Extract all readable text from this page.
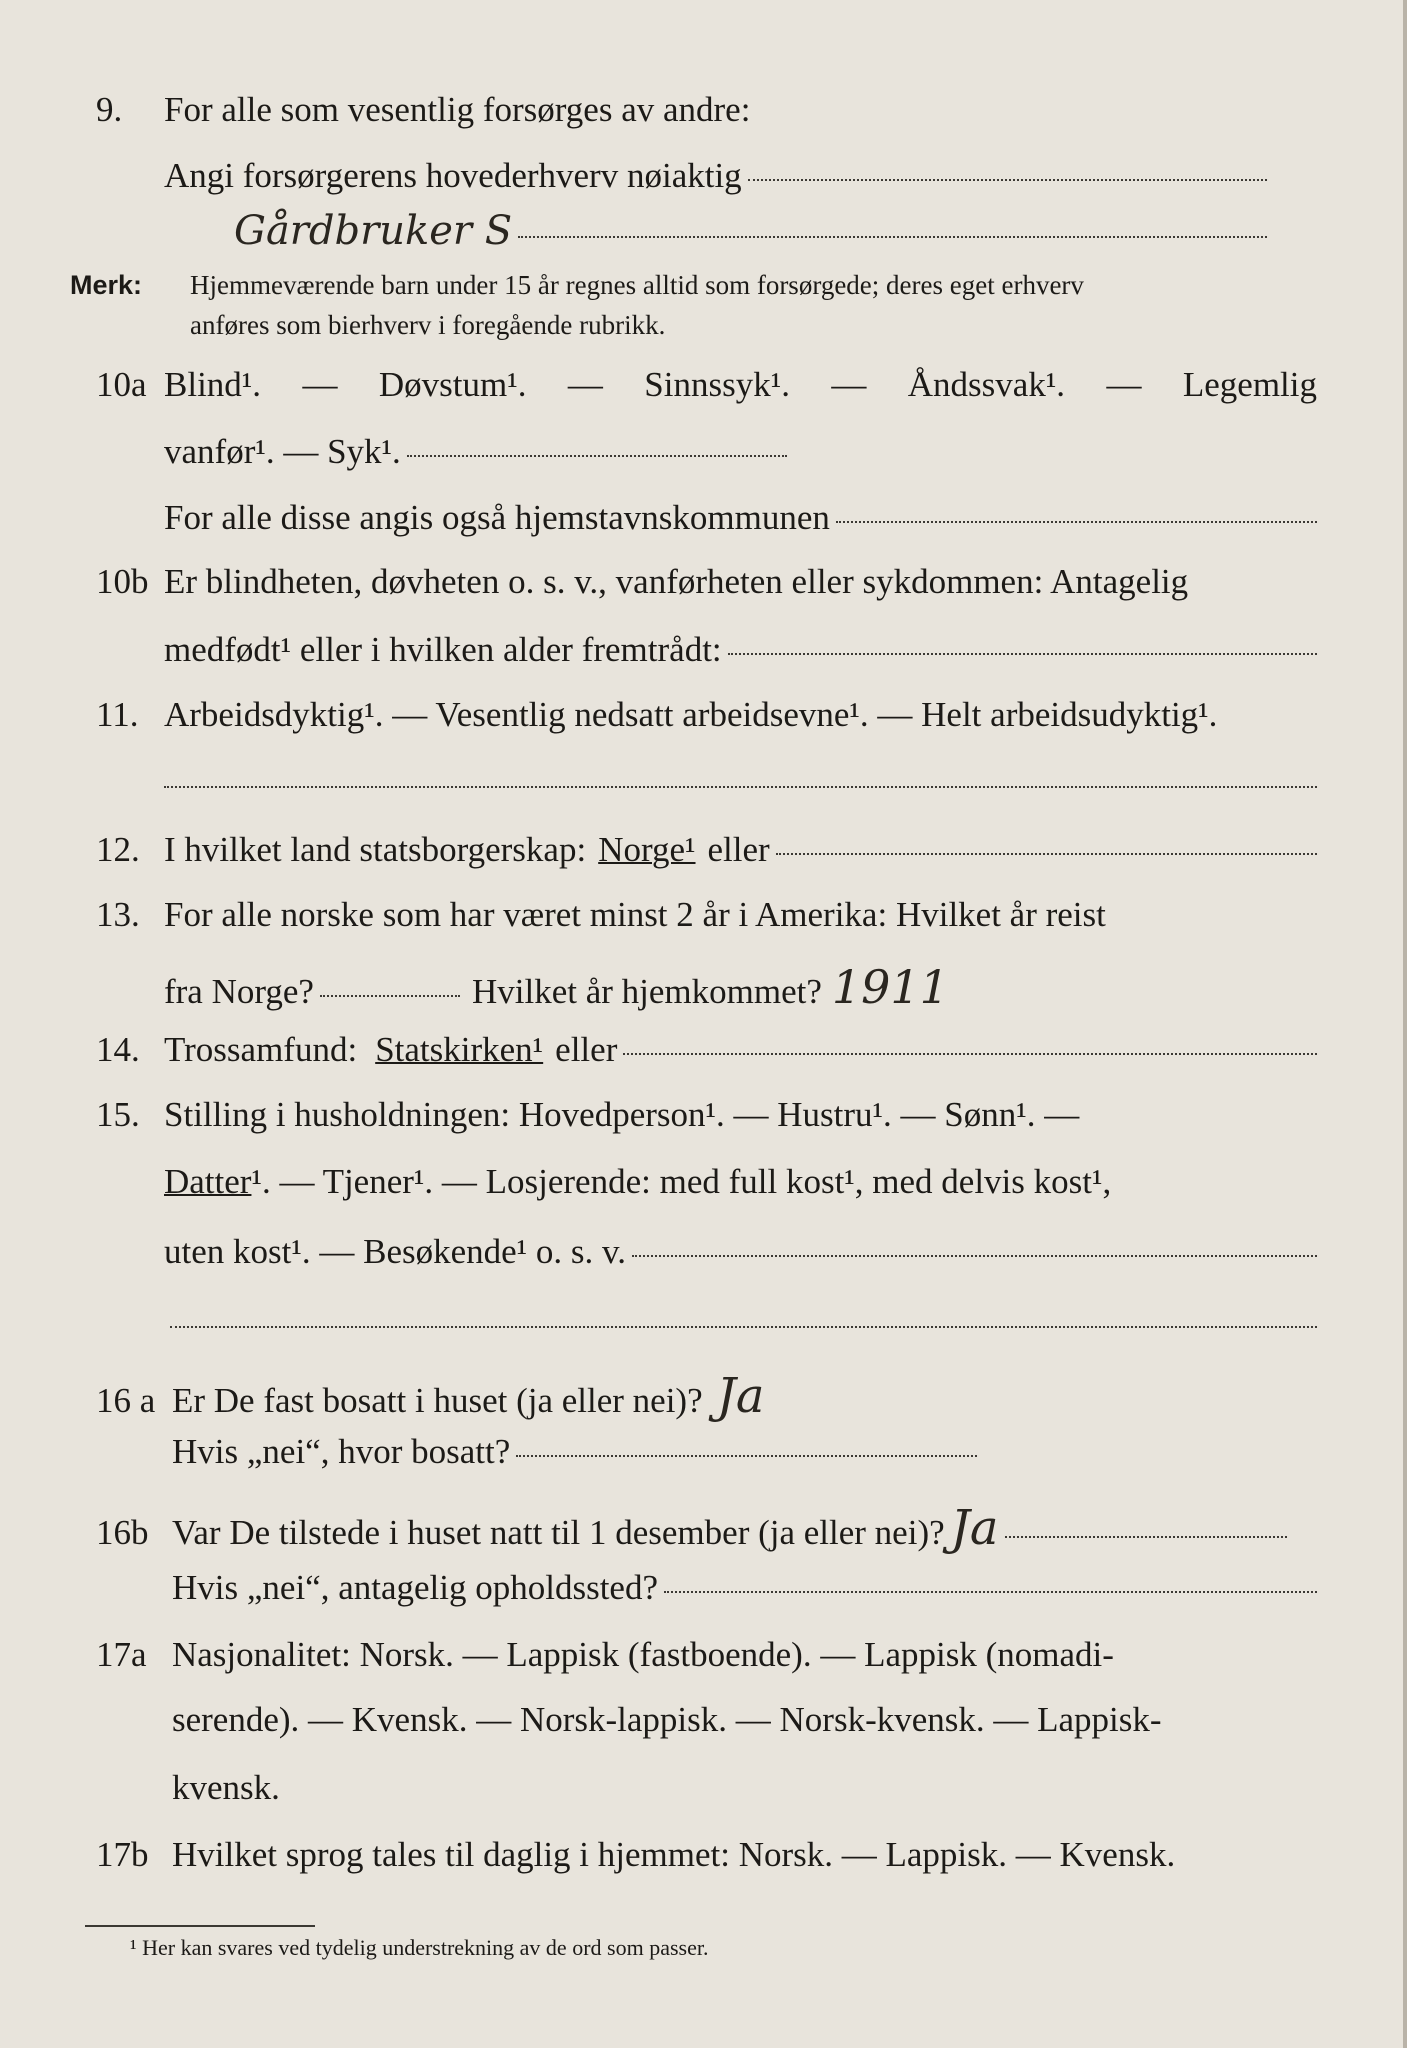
9.	For alle som vesentlig forsørges av andre:
Angi forsørgerens hovederhverv nøiaktig
Gårdbruker S
Merk: Hjemmeværende barn under 15 år regnes alltid som forsørgede; deres eget erhverv
anføres som bierhverv i foregående rubrikk.
10a Blind¹. — Døvstum¹. — Sinnssyk¹. — Åndssvak¹. — Legemlig
vanfør¹. — Syk¹.
For alle disse angis også hjemstavnskommunen
10b Er blindheten, døvheten o. s. v., vanførheten eller sykdommen: Antagelig
medfødt¹ eller i hvilken alder fremtrådt:
11. Arbeidsdyktig¹. — Vesentlig nedsatt arbeidsevne¹. — Helt arbeidsudyktig¹.
12. I hvilket land statsborgerskap: Norge¹ eller
13. For alle norske som har været minst 2 år i Amerika: Hvilket år reist
fra Norge?	Hvilket år hjemkommet? 1911
14. Trossamfund: Statskirken¹ eller
15. Stilling i husholdningen: Hovedperson¹. — Hustru¹. — Sønn¹. —
Datter ¹. — Tjener¹. — Losjerende: med full kost¹, med delvis kost¹,
uten kost¹. — Besøkende¹ o. s. v.
16 a Er De fast bosatt i huset (ja eller nei)? Ja
Hvis „nei“, hvor bosatt?
16b Var De tilstede i huset natt til 1 desember (ja eller nei)? Ja
Hvis „nei“, antagelig opholdssted?
17a Nasjonalitet: Norsk. — Lappisk (fastboende). — Lappisk (nomadi-
serende). — Kvensk. — Norsk-lappisk. — Norsk-kvensk. — Lappisk-
kvensk.
17b Hvilket sprog tales til daglig i hjemmet: Norsk. — Lappisk. — Kvensk.
¹ Her kan svares ved tydelig understrekning av de ord som passer.
